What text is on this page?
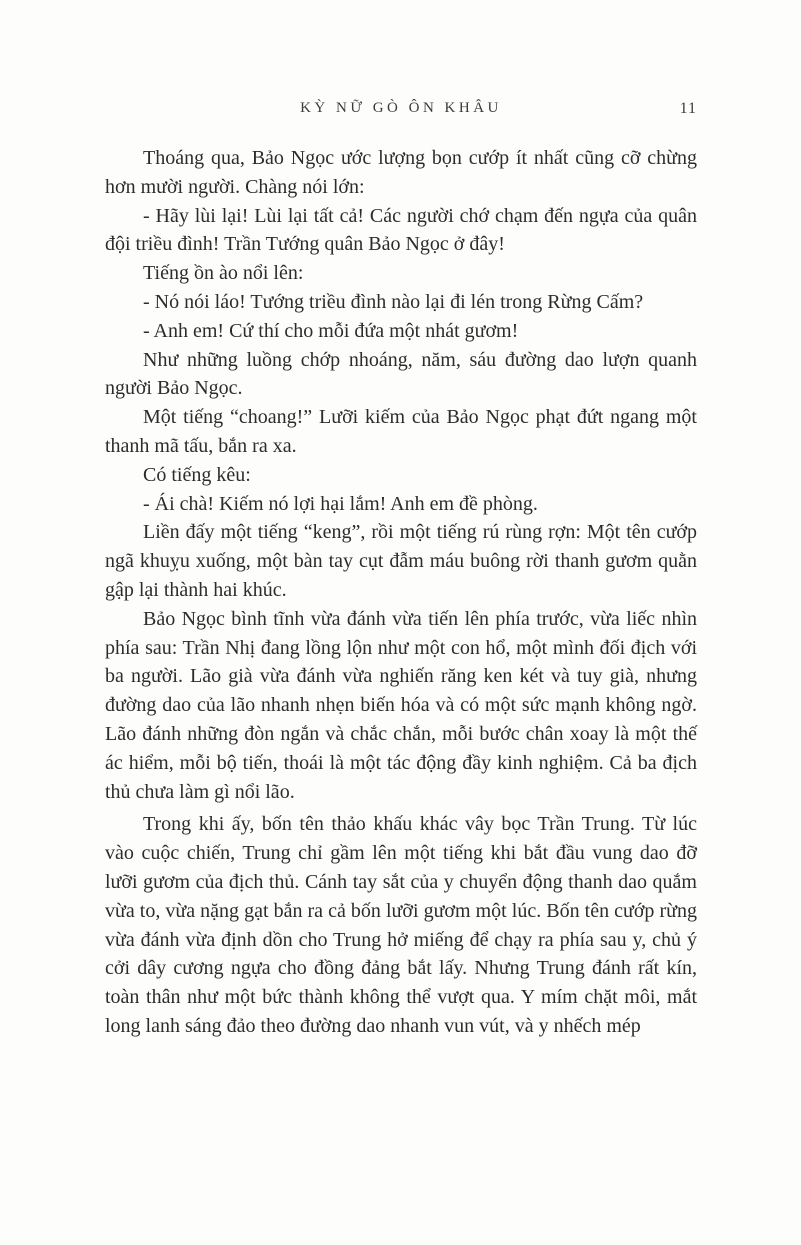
KỲ NỮ GÒ ÔN KHÂU	11

Thoáng qua, Bảo Ngọc ước lượng bọn cướp ít nhất cũng cỡ chừng hơn mười người. Chàng nói lớn:

- Hãy lùi lại! Lùi lại tất cả! Các người chớ chạm đến ngựa của quân đội triều đình! Trần Tướng quân Bảo Ngọc ở đây!

Tiếng ồn ào nổi lên:

- Nó nói láo! Tướng triều đình nào lại đi lén trong Rừng Cấm?

- Anh em! Cứ thí cho mỗi đứa một nhát gươm!

Như những luồng chớp nhoáng, năm, sáu đường dao lượn quanh người Bảo Ngọc.

Một tiếng “choang!” Lưỡi kiếm của Bảo Ngọc phạt đứt ngang một thanh mã tấu, bắn ra xa.

Có tiếng kêu:

- Ái chà! Kiếm nó lợi hại lắm! Anh em đề phòng.

Liền đấy một tiếng “keng”, rồi một tiếng rú rùng rợn: Một tên cướp ngã khuỵu xuống, một bàn tay cụt đẫm máu buông rời thanh gươm quằn gập lại thành hai khúc.

Bảo Ngọc bình tĩnh vừa đánh vừa tiến lên phía trước, vừa liếc nhìn phía sau: Trần Nhị đang lồng lộn như một con hổ, một mình đối địch với ba người. Lão già vừa đánh vừa nghiến răng ken két và tuy già, nhưng đường dao của lão nhanh nhẹn biến hóa và có một sức mạnh không ngờ. Lão đánh những đòn ngắn và chắc chắn, mỗi bước chân xoay là một thế ác hiểm, mỗi bộ tiến, thoái là một tác động đầy kinh nghiệm. Cả ba địch thủ chưa làm gì nổi lão.

Trong khi ấy, bốn tên thảo khấu khác vây bọc Trần Trung. Từ lúc vào cuộc chiến, Trung chỉ gầm lên một tiếng khi bắt đầu vung dao đỡ lưỡi gươm của địch thủ. Cánh tay sắt của y chuyển động thanh dao quắm vừa to, vừa nặng gạt bắn ra cả bốn lưỡi gươm một lúc. Bốn tên cướp rừng vừa đánh vừa định dồn cho Trung hở miếng để chạy ra phía sau y, chủ ý cởi dây cương ngựa cho đồng đảng bắt lấy. Nhưng Trung đánh rất kín, toàn thân như một bức thành không thể vượt qua. Y mím chặt môi, mắt long lanh sáng đảo theo đường dao nhanh vun vút, và y nhếch mép
